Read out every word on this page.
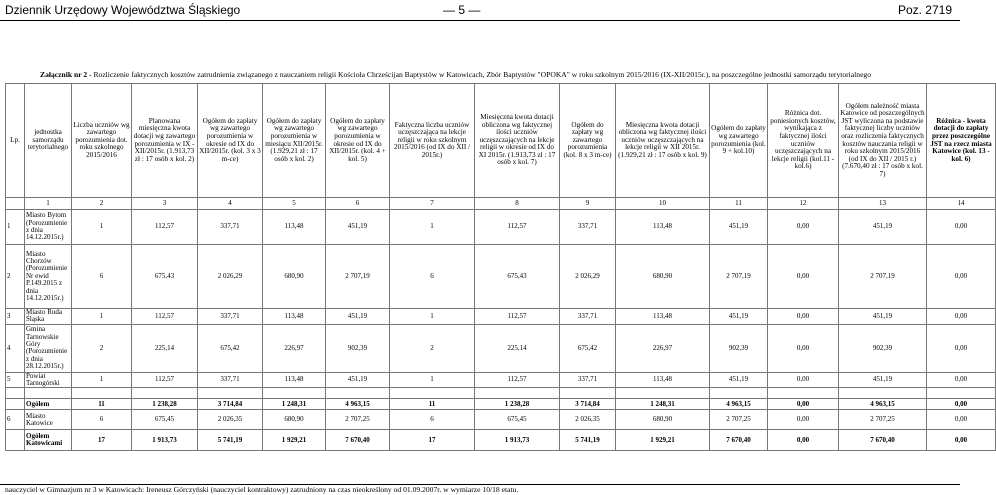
Dziennik Urzędowy Województwa Śląskiego	— 5 —	Poz. 2719
Załącznik nr 2 - Rozliczenie faktycznych kosztów zatrudnienia związanego z nauczaniem religii Kościoła Chrześcijan Baptystów w Katowicach, Zbór Baptystów "OPOKA" w roku szkolnym 2015/2016 (IX-XII/2015r.), na poszczególne jednostki samorządu terytorialnego
Lp.	jednostka samorządu terytorialnego	Liczba uczniów wg zawartego porozumienia dot. roku szkolnego 2015/2016	Planowana miesięczna kwota dotacji wg zawartego porozumienia w IX - XII/2015r. (1.913,73 zł : 17 osób x kol. 2)	Ogółem do zapłaty wg zawartego porozumienia w okresie od IX do XII/2015r. (kol. 3 x 3 m-ce)	Ogółem do zapłaty wg zawartego porozumienia w miesiącu XII/2015r. (1.929,21 zł : 17 osób x kol. 2)	Ogółem do zapłaty wg zawartego porozumienia w okresie od IX do XII/2015r. (kol. 4 + kol. 5)	Faktyczna liczba uczniów uczęszczająca na lekcje religii w roku szkolnym 2015/2016 (od IX do XII / 2015r.)	Miesięczna kwota dotacji obliczona wg faktycznej ilości uczniów uczęszczających na lekcje religii w okresie od IX do XI 2015r. (1.913,73 zł : 17 osób x kol. 7)	Ogółem do zapłaty wg zawartego porozumienia (kol. 8 x 3 m-ce)	Miesięczna kwota dotacji obliczona wg faktycznej ilości uczniów uczęszczających na lekcje religii w XII 2015r. (1.929,21 zł : 17 osób x kol. 9)	Ogółem do zapłaty wg zawartego porozumienia (kol. 9 + kol.10)	Różnica dot. poniesionych kosztów, wynikająca z faktycznej ilości uczniów uczęszczających na lekcje religii (kol.11 - kol.6)	Ogółem należność miasta Katowice od poszczególnych JST wyliczona na podstawie faktycznej liczby uczniów oraz rozliczenia faktycznych kosztów nauczania religii w roku szkolnym 2015/2016 (od IX do XII / 2015 r.) (7.670,40 zł : 17 osób x kol. 7)	Różnica - kwota dotacji do zapłaty przez poszczególne JST na rzecz miasta Katowice (kol. 13 - kol. 6)
	1	2	3	4	5	6	7	8	9	10	11	12	13	14
1	Miasto Bytom (Porozumienie z dnia 14.12.2015r.)	1	112,57	337,71	113,48	451,19	1	112,57	337,71	113,48	451,19	0,00	451,19	0,00
2	Miasto Chorzów (Porozumienie Nr ewid P.149.2015 z dnia 14.12.2015r.)	6	675,43	2 026,29	680,90	2 707,19	6	675,43	2 026,29	680,90	2 707,19	0,00	2 707,19	0,00
3	Miasto Ruda Śląska	1	112,57	337,71	113,48	451,19	1	112,57	337,71	113,48	451,19	0,00	451,19	0,00
4	Gmina Tarnowskie Góry (Porozumienie z dnia 28.12.2015r.)	2	225,14	675,42	226,97	902,39	2	225,14	675,42	226,97	902,39	0,00	902,39	0,00
5	Powiat Tarnogórski	1	112,57	337,71	113,48	451,19	1	112,57	337,71	113,48	451,19	0,00	451,19	0,00

	Ogółem	11	1 238,28	3 714,84	1 248,31	4 963,15	11	1 238,28	3 714,84	1 248,31	4 963,15	0,00	4 963,15	0,00
6	Miasto Katowice	6	675,45	2 026,35	680,90	2 707,25	6	675,45	2 026,35	680,90	2 707,25	0,00	2 707,25	0,00
	Ogółem Katowicami	17	1 913,73	5 741,19	1 929,21	7 670,40	17	1 913,73	5 741,19	1 929,21	7 670,40	0,00	7 670,40	0,00
nauczyciel w Gimnazjum nr 3 w Katowicach: Ireneusz Górczyński (nauczyciel kontraktowy) zatrudniony na czas nieokreślony od 01.09.2007r. w wymiarze 10/18 etatu.
